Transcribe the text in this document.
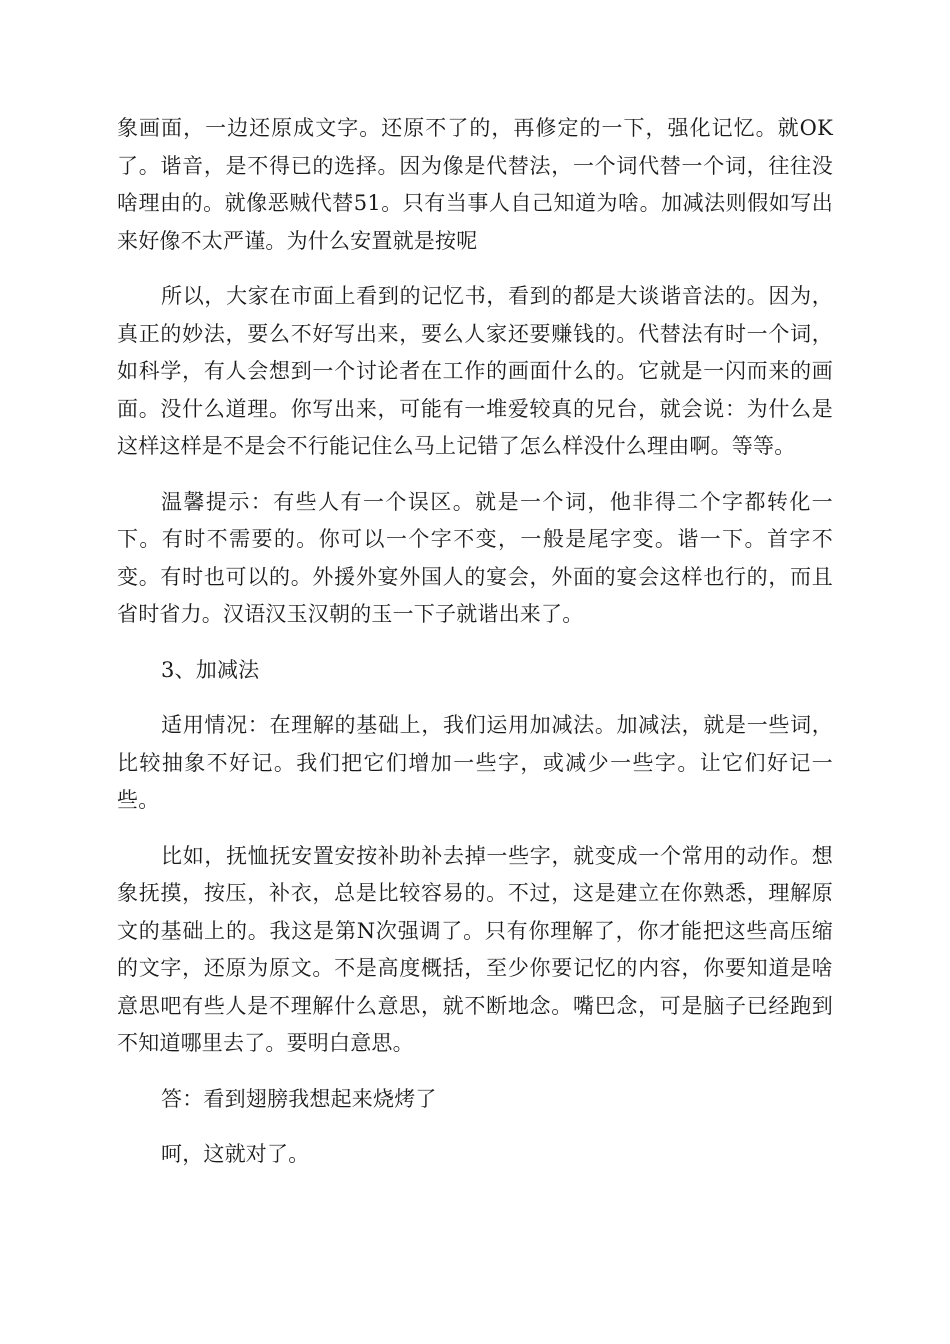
象画面，一边还原成文字。还原不了的，再修定的一下，强化记忆。就OK了。谐音，是不得已的选择。因为像是代替法，一个词代替一个词，往往没啥理由的。就像恶贼代替51。只有当事人自己知道为啥。加减法则假如写出来好像不太严谨。为什么安置就是按呢

所以，大家在市面上看到的记忆书，看到的都是大谈谐音法的。因为，真正的妙法，要么不好写出来，要么人家还要赚钱的。代替法有时一个词，如科学，有人会想到一个讨论者在工作的画面什么的。它就是一闪而来的画面。没什么道理。你写出来，可能有一堆爱较真的兄台，就会说：为什么是这样这样是不是会不行能记住么马上记错了怎么样没什么理由啊。等等。

温馨提示：有些人有一个误区。就是一个词，他非得二个字都转化一下。有时不需要的。你可以一个字不变，一般是尾字变。谐一下。首字不变。有时也可以的。外援外宴外国人的宴会，外面的宴会这样也行的，而且省时省力。汉语汉玉汉朝的玉一下子就谐出来了。

3、加减法

适用情况：在理解的基础上，我们运用加减法。加减法，就是一些词，比较抽象不好记。我们把它们增加一些字，或减少一些字。让它们好记一些。

比如，抚恤抚安置安按补助补去掉一些字，就变成一个常用的动作。想象抚摸，按压，补衣，总是比较容易的。不过，这是建立在你熟悉，理解原文的基础上的。我这是第N次强调了。只有你理解了，你才能把这些高压缩的文字，还原为原文。不是高度概括，至少你要记忆的内容，你要知道是啥意思吧有些人是不理解什么意思，就不断地念。嘴巴念，可是脑子已经跑到不知道哪里去了。要明白意思。

答：看到翅膀我想起来烧烤了

呵，这就对了。
